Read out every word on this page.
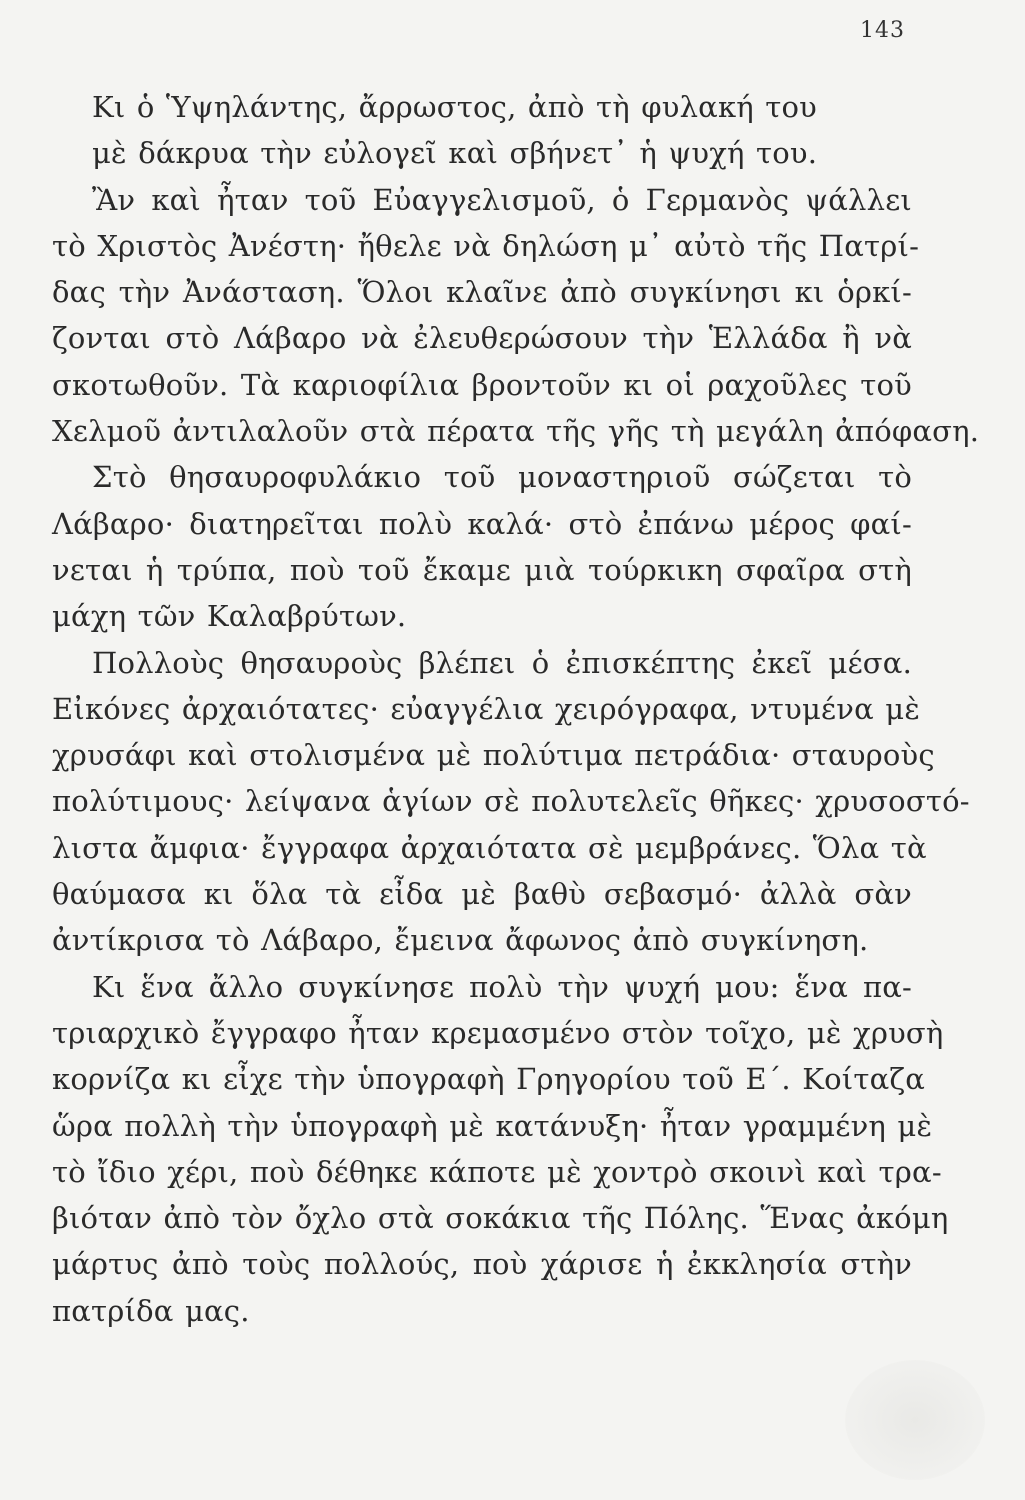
143
Κι ὁ Ὑψηλάντης, ἄρρωστος, ἀπὸ τὴ φυλακή του
μὲ δάκρυα τὴν εὐλογεῖ καὶ σβήνετ᾽ ἡ ψυχή του.
Ἂν καὶ ἦταν τοῦ Εὐαγγελισμοῦ, ὁ Γερμανὸς ψάλλει
τὸ Χριστὸς Ἀνέστη· ἤθελε νὰ δηλώση μ᾽ αὐτὸ τῆς Πατρί-
δας τὴν Ἀνάσταση. Ὅλοι κλαῖνε ἀπὸ συγκίνησι κι ὁρκί-
ζονται στὸ Λάβαρο νὰ ἐλευθερώσουν τὴν Ἑλλάδα ἢ νὰ
σκοτωθοῦν. Τὰ καριοφίλια βροντοῦν κι οἱ ραχοῦλες τοῦ
Χελμοῦ ἀντιλαλοῦν στὰ πέρατα τῆς γῆς τὴ μεγάλη ἀπόφαση.
Στὸ θησαυροφυλάκιο τοῦ μοναστηριοῦ σώζεται τὸ
Λάβαρο· διατηρεῖται πολὺ καλά· στὸ ἐπάνω μέρος φαί-
νεται ἡ τρύπα, ποὺ τοῦ ἔκαμε μιὰ τούρκικη σφαῖρα στὴ
μάχη τῶν Καλαβρύτων.
Πολλοὺς θησαυροὺς βλέπει ὁ ἐπισκέπτης ἐκεῖ μέσα.
Εἰκόνες ἀρχαιότατες· εὐαγγέλια χειρόγραφα, ντυμένα μὲ
χρυσάφι καὶ στολισμένα μὲ πολύτιμα πετράδια· σταυροὺς
πολύτιμους· λείψανα ἁγίων σὲ πολυτελεῖς θῆκες· χρυσοστό-
λιστα ἄμφια· ἔγγραφα ἀρχαιότατα σὲ μεμβράνες. Ὅλα τὰ
θαύμασα κι ὅλα τὰ εἶδα μὲ βαθὺ σεβασμό· ἀλλὰ σὰν
ἀντίκρισα τὸ Λάβαρο, ἔμεινα ἄφωνος ἀπὸ συγκίνηση.
Κι ἕνα ἄλλο συγκίνησε πολὺ τὴν ψυχή μου: ἕνα πα-
τριαρχικὸ ἔγγραφο ἦταν κρεμασμένο στὸν τοῖχο, μὲ χρυσὴ
κορνίζα κι εἶχε τὴν ὑπογραφὴ Γρηγορίου τοῦ Ε΄. Κοίταζα
ὥρα πολλὴ τὴν ὑπογραφὴ μὲ κατάνυξη· ἦταν γραμμένη μὲ
τὸ ἴδιο χέρι, ποὺ δέθηκε κάποτε μὲ χοντρὸ σκοινὶ καὶ τρα-
βιόταν ἀπὸ τὸν ὄχλο στὰ σοκάκια τῆς Πόλης. Ἕνας ἀκόμη
μάρτυς ἀπὸ τοὺς πολλούς, ποὺ χάρισε ἡ ἐκκλησία στὴν
πατρίδα μας.
